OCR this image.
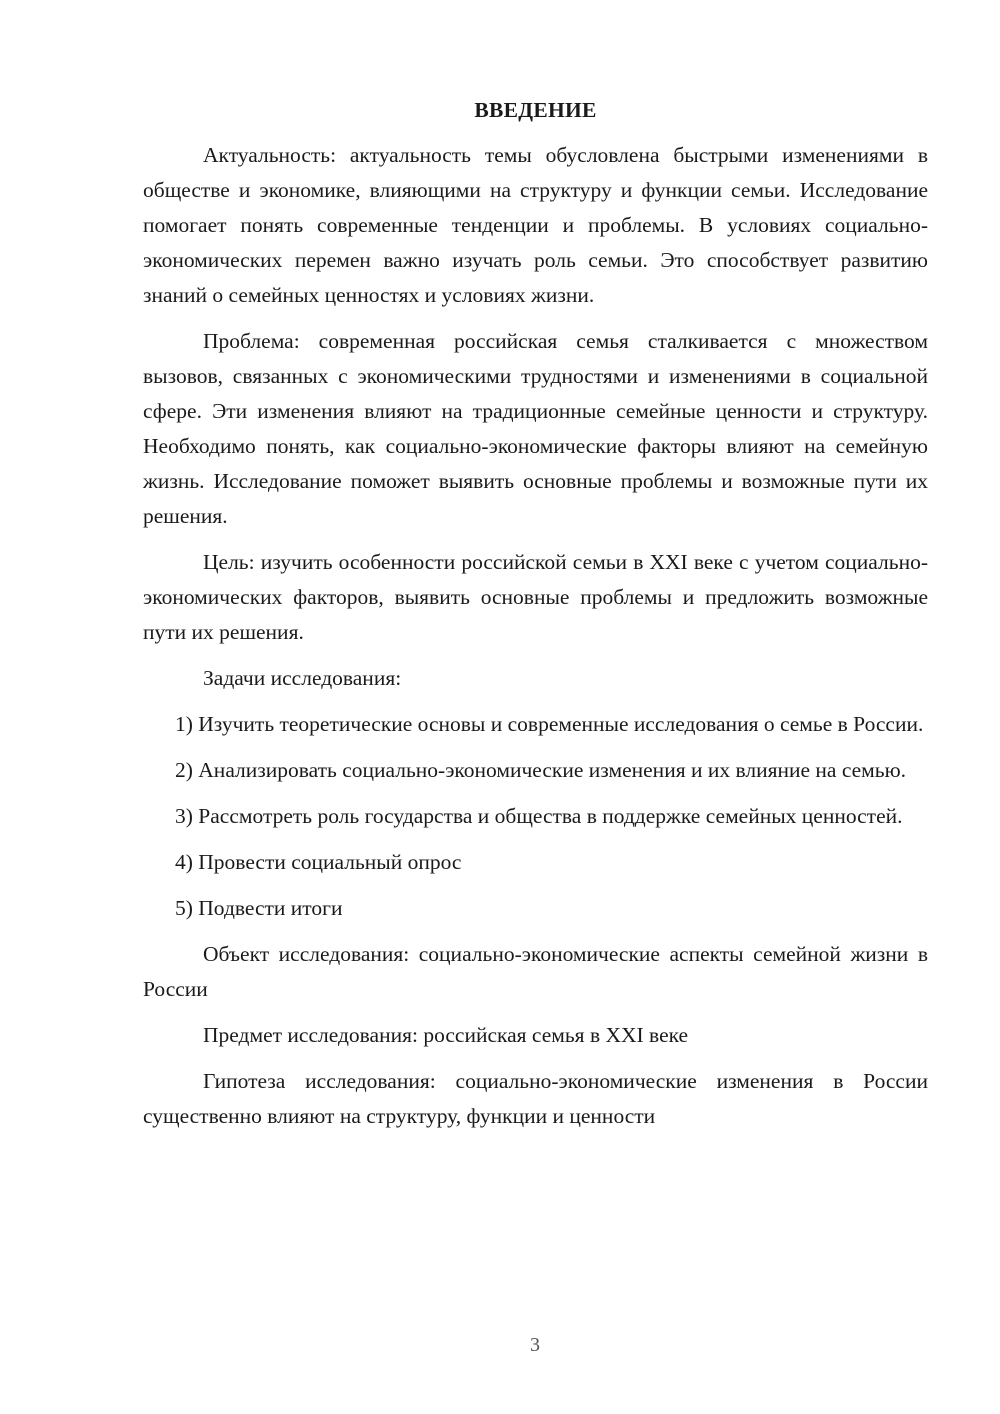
ВВЕДЕНИЕ

Актуальность: актуальность темы обусловлена быстрыми изменениями в обществе и экономике, влияющими на структуру и функции семьи. Исследование помогает понять современные тенденции и проблемы. В условиях социально-экономических перемен важно изучать роль семьи. Это способствует развитию знаний о семейных ценностях и условиях жизни.

Проблема: современная российская семья сталкивается с множеством вызовов, связанных с экономическими трудностями и изменениями в социальной сфере. Эти изменения влияют на традиционные семейные ценности и структуру. Необходимо понять, как социально-экономические факторы влияют на семейную жизнь. Исследование поможет выявить основные проблемы и возможные пути их решения.

Цель: изучить особенности российской семьи в XXI веке с учетом социально-экономических факторов, выявить основные проблемы и предложить возможные пути их решения.

Задачи исследования:

1) Изучить теоретические основы и современные исследования о семье в России.

2) Анализировать социально-экономические изменения и их влияние на семью.

3) Рассмотреть роль государства и общества в поддержке семейных ценностей.

4) Провести социальный опрос

5) Подвести итоги

Объект исследования: социально-экономические аспекты семейной жизни в России

Предмет исследования: российская семья в XXI веке

Гипотеза исследования: социально-экономические изменения в России существенно влияют на структуру, функции и ценности

3
